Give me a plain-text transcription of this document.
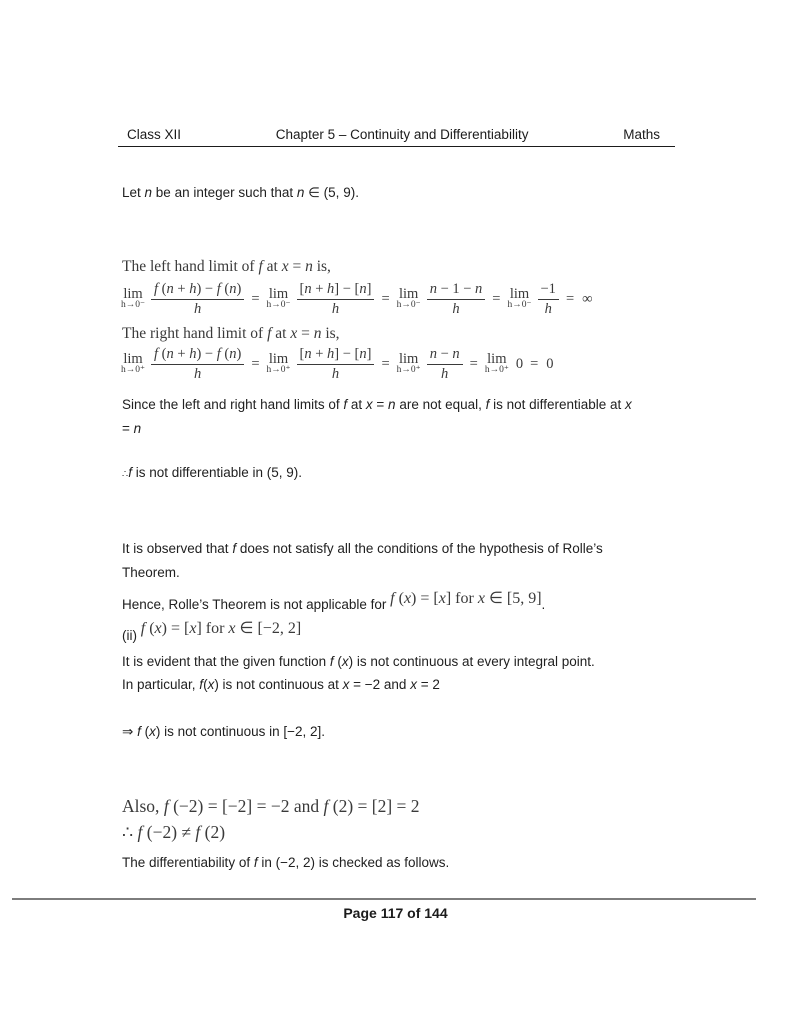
Class XII	Chapter 5 – Continuity and Differentiability	Maths

Let n be an integer such that n ∈ (5, 9).

The left hand limit of f at x = n is,

lim
$h\to 0^- \frac{f (n + h) - f (n)}{h} = \lim$
$h\to 0^- \frac{[n + h] - [n]}{h} = \lim$
$h\to 0^- \frac{n - 1 - n}{h} = \lim$
$h\to 0^- \frac{-1}{h}$ = ∞

The right hand limit of f at x = n is,

lim
$h\to 0^+ \frac{f (n + h) - f (n)}{h} = \lim$
$h\to 0^+ \frac{[n + h] - [n]}{h} = \lim$
$h\to 0^+ \frac{n - n}{h} = \lim$
h→0⁺ 0 = 0
Since the left and right hand limits of f at x = n are not equal, f is not differentiable at x
= n

∴f is not differentiable in (5, 9).

It is observed that f does not satisfy all the conditions of the hypothesis of Rolle’s
Theorem.
Hence, Rolle’s Theorem is not applicable for f (x) = [x] for x ∈ [5, 9].
(ii) f (x) = [x] for x ∈ [−2, 2]

It is evident that the given function f (x) is not continuous at every integral point.

In particular, f(x) is not continuous at x = −2 and x = 2

⇒ f (x) is not continuous in [−2, 2].

Also, f (−2) = [−2] = −2 and f (2) = [2] = 2

∴ f (−2) ≠ f (2)

The differentiability of f in (−2, 2) is checked as follows.

Page 117 of 144
